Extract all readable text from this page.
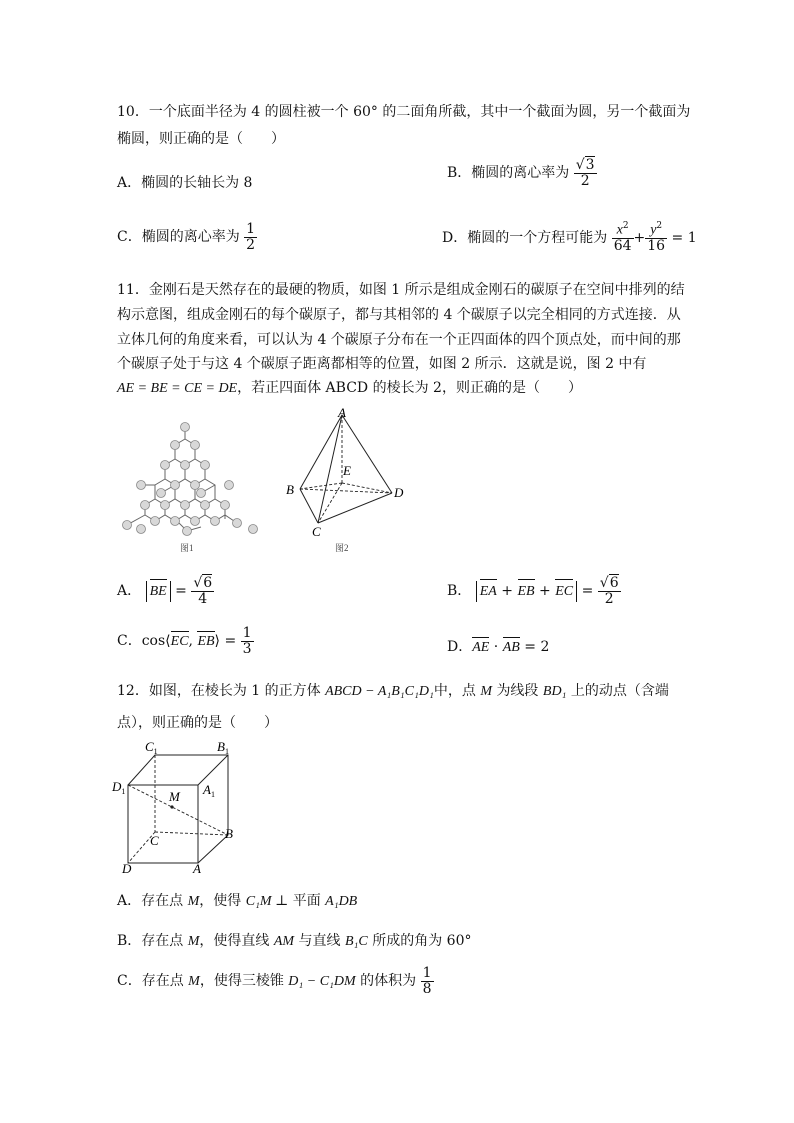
10．一个底面半径为 4 的圆柱被一个 60° 的二面角所截，其中一个截面为圆，另一个截面为
椭圆，则正确的是（　　）
A．椭圆的长轴长为 8
B．椭圆的离心率为 $\frac{√3}{2}$
C．椭圆的离心率为 $\frac{1}{2}$	D．椭圆的一个方程可能为 $\frac{x^2}{64} + \frac{y^2}{16} = 1$
11．金刚石是天然存在的最硬的物质，如图 1 所示是组成金刚石的碳原子在空间中排列的结
构示意图，组成金刚石的每个碳原子，都与其相邻的 4 个碳原子以完全相同的方式连接．从
立体几何的角度来看，可以认为 4 个碳原子分布在一个正四面体的四个顶点处，而中间的那
个碳原子处于与这 4 个碳原子距离都相等的位置，如图 2 所示．这就是说，图 2 中有
AE = BE = CE = DE，若正四面体 ABCD 的棱长为 2，则正确的是（　　）
图1
A
B
C
D
E
图2
A． BE = $\frac{√6}{4}$	B． EA + EB + EC = $\frac{√6}{2}$
C．cos⟨EC, EB⟩ = $\frac{1}{3}$	D．AE · AB = 2
12．如图，在棱长为 1 的正方体 ABCD − A₁B₁C₁D₁中，点 M 为线段 BD₁ 上的动点（含端
点），则正确的是（　　）
$C_1$	$B_1$
$D_1$	$A_1$
M
C	B
D	A
A．存在点 M，使得 C₁M ⊥ 平面 A₁DB
B．存在点 M，使得直线 AM 与直线 B₁C 所成的角为 60°
C．存在点 M，使得三棱锥 D₁ − C₁DM 的体积为 $\frac{1}{8}$
